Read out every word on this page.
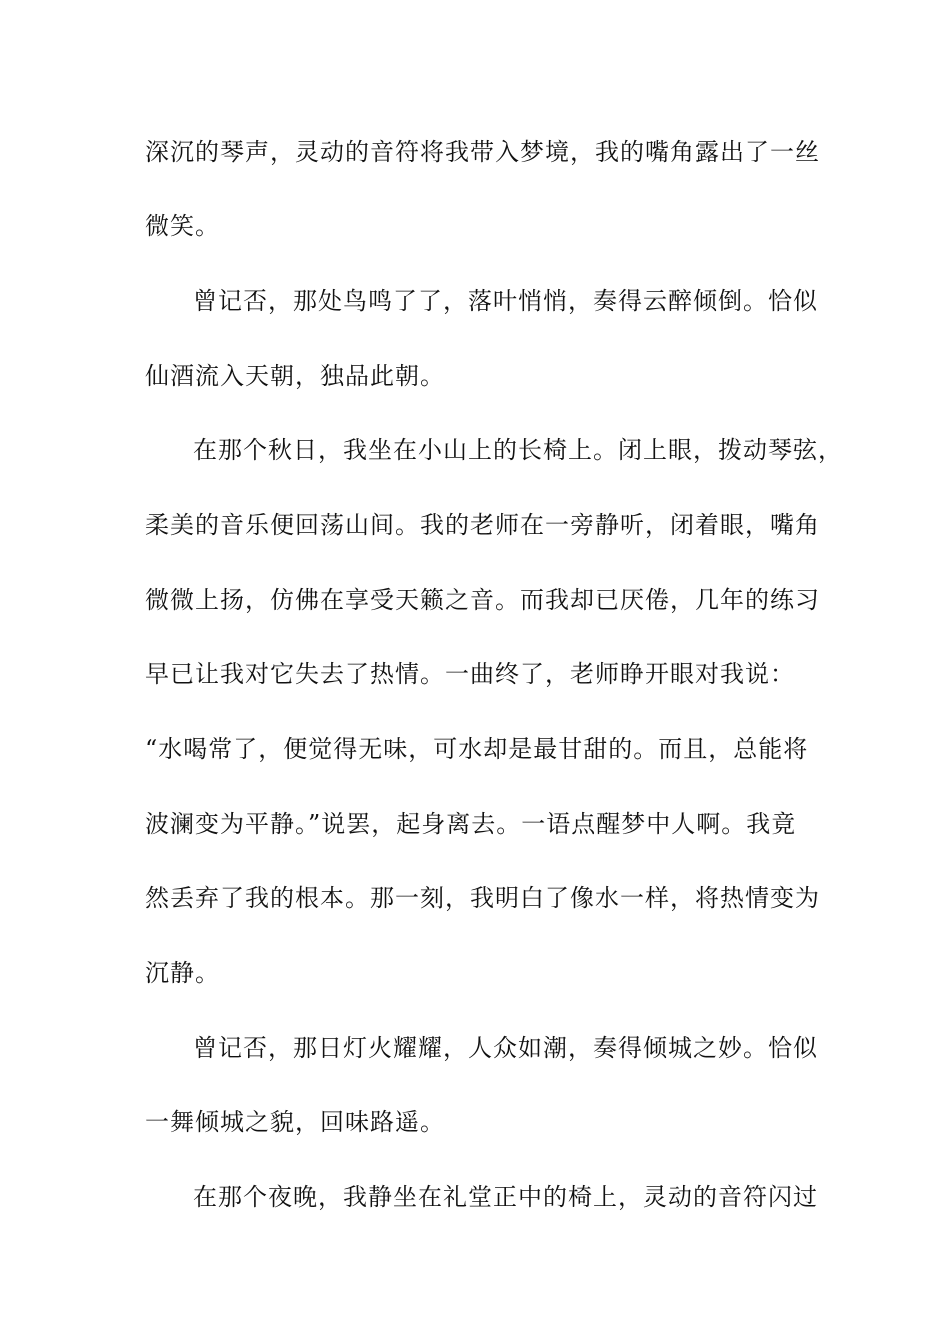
深沉的琴声，灵动的音符将我带入梦境，我的嘴角露出了一丝
微笑。
曾记否，那处鸟鸣了了，落叶悄悄，奏得云醉倾倒。恰似
仙酒流入天朝，独品此朝。
在那个秋日，我坐在小山上的长椅上。闭上眼，拨动琴弦，
柔美的音乐便回荡山间。我的老师在一旁静听，闭着眼，嘴角
微微上扬，仿佛在享受天籁之音。而我却已厌倦，几年的练习
早已让我对它失去了热情。一曲终了，老师睁开眼对我说：
“水喝常了，便觉得无味，可水却是最甘甜的。而且，总能将
波澜变为平静。”说罢，起身离去。一语点醒梦中人啊。我竟
然丢弃了我的根本。那一刻，我明白了像水一样，将热情变为
沉静。
曾记否，那日灯火耀耀，人众如潮，奏得倾城之妙。恰似
一舞倾城之貌，回味路遥。
在那个夜晚，我静坐在礼堂正中的椅上，灵动的音符闪过
